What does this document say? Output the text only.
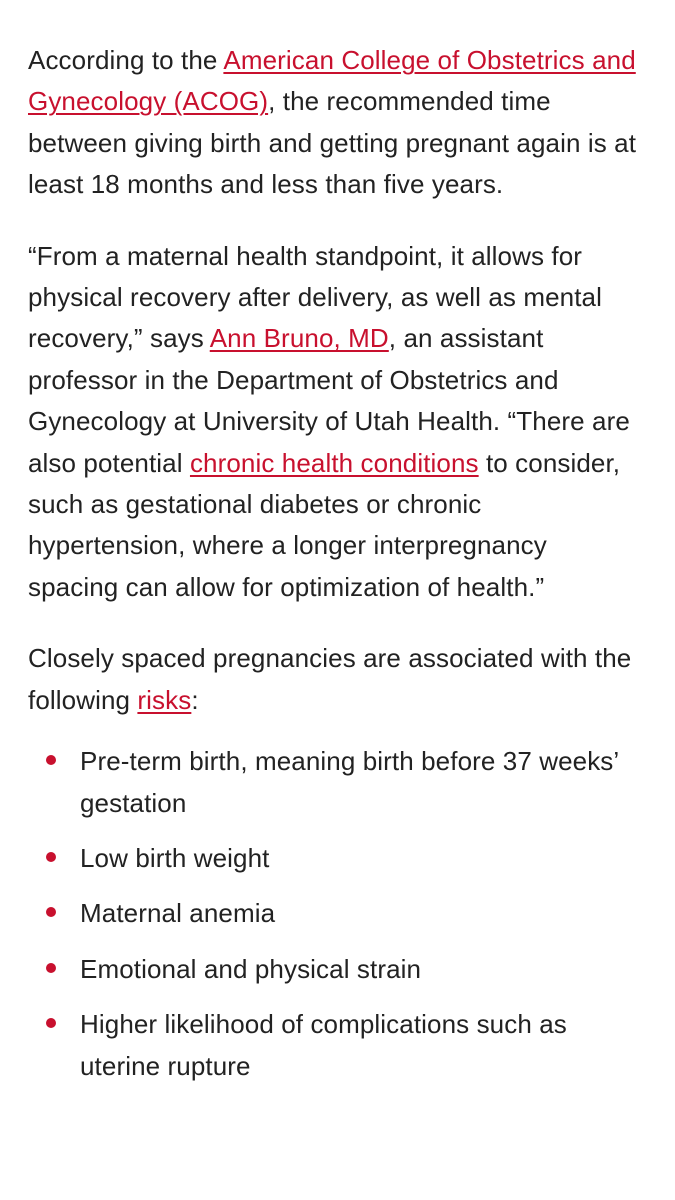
According to the American College of Obstetrics and Gynecology (ACOG), the recommended time between giving birth and getting pregnant again is at least 18 months and less than five years.

“From a maternal health standpoint, it allows for physical recovery after delivery, as well as mental recovery,” says Ann Bruno, MD, an assistant professor in the Department of Obstetrics and Gynecology at University of Utah Health. “There are also potential chronic health conditions to consider, such as gestational diabetes or chronic hypertension, where a longer interpregnancy spacing can allow for optimization of health.”

Closely spaced pregnancies are associated with the following risks:

Pre-term birth, meaning birth before 37 weeks’ gestation
Low birth weight
Maternal anemia
Emotional and physical strain
Higher likelihood of complications such as uterine rupture
